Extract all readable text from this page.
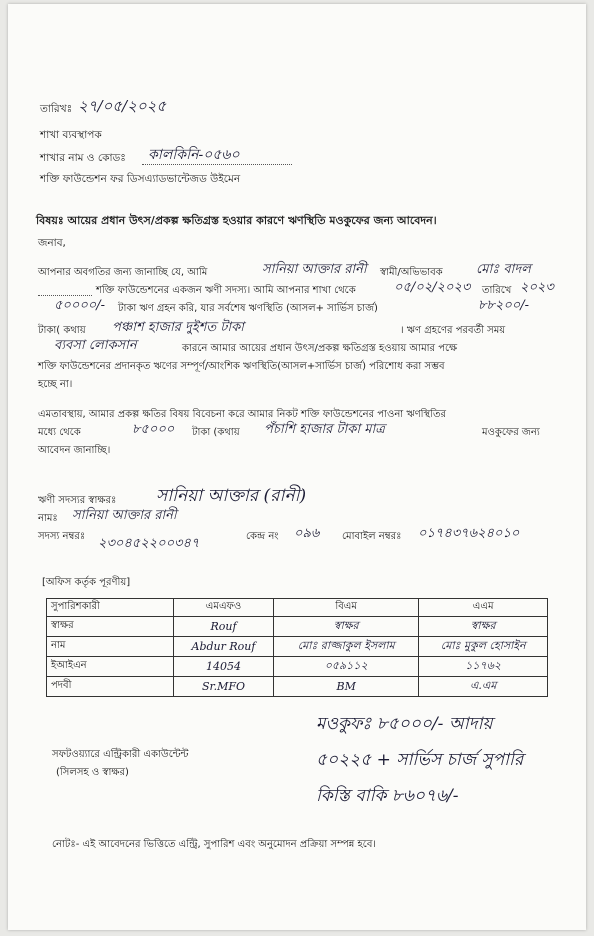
তারিখঃ ২৭/০৫/২০২৫
শাখা ব্যবস্থাপক
শাখার নাম ও কোডঃ কালকিনি-০৫৬০
শক্তি ফাউন্ডেশন ফর ডিসএ্যাডভান্টেজড উইমেন
বিষয়ঃ আয়ের প্রধান উৎস/প্রকল্প ক্ষতিগ্রস্ত হওয়ার কারণে ঋণস্থিতি মওকুফের জন্য আবেদন।
জনাব,
আপনার অবগতির জন্য জানাচ্ছি যে, আমি	সানিয়া আক্তার রানী স্বামী/অভিভাবক	মোঃ বাদল
শক্তি ফাউন্ডেশনের একজন ঋণী সদস্য। আমি আপনার শাখা থেকে	০৫/০২/২০২৩ তারিখে ২০২৩
৫০০০০/- টাকা ঋণ গ্রহন করি, যার সর্বশেষ ঋণস্থিতি (আসল+ সার্ভিস চার্জ)	৮৮২০০/-
টাকা( কথায় পঞ্চাশ হাজার দুইশত টাকা	। ঋণ গ্রহণের পরবর্তী সময়
ব্যবসা লোকসান	কারনে আমার আয়ের প্রধান উৎস/প্রকল্প ক্ষতিগ্রস্ত হওয়ায় আমার পক্ষে
শক্তি ফাউন্ডেশনের প্রদানকৃত ঋণের সম্পূর্ণ/আংশিক ঋণস্থিতি(আসল+সার্ভিস চার্জ) পরিশোধ করা সম্ভব
হচ্ছে না।
এমতাবস্থায়, আমার প্রকল্প ক্ষতির বিষয় বিবেচনা করে আমার নিকট শক্তি ফাউন্ডেশনের পাওনা ঋণস্থিতির
মধ্যে থেকে	৮৫০০০ টাকা (কথায় পঁচাশি হাজার টাকা মাত্র	মওকুফের জন্য
আবেদন জানাচ্ছি।
ঋণী সদস্যর স্বাক্ষরঃ সানিয়া আক্তার (রানী)
নামঃ সানিয়া আক্তার রানী
সদস্য নম্বরঃ ২৩০৪৫২২০০৩৪৭	কেন্দ্র নং ০৯৬ মোবাইল নম্বরঃ ০১৭৪৩৭৬২৪০১০
[অফিস কর্তৃক পূরণীয়]
সুপারিশকারী	এমএফও	বিএম	এএম
স্বাক্ষর	Rouf	স্বাক্ষর	স্বাক্ষর
নাম	Abdur Rouf	মোঃ রাজ্জাকুল ইসলাম	মোঃ মুকুল হোসাইন
ইআইএন	14054	০৫৯১১২	১১৭৬২
পদবী	Sr.MFO	BM	এ.এম
মওকুফঃ ৮৫০০০/- আদায়
৫০২২৫ + সার্ভিস চার্জ সুপারি
কিস্তি বাকি ৮৬০৭৬/-
সফটওয়্যারে এন্ট্রিকারী একাউন্টেন্ট
(সিলসহ ও স্বাক্ষর)
নোটঃ- এই আবেদনের ভিত্তিতে এন্ট্রি, সুপারিশ এবং অনুমোদন প্রক্রিয়া সম্পন্ন হবে।
